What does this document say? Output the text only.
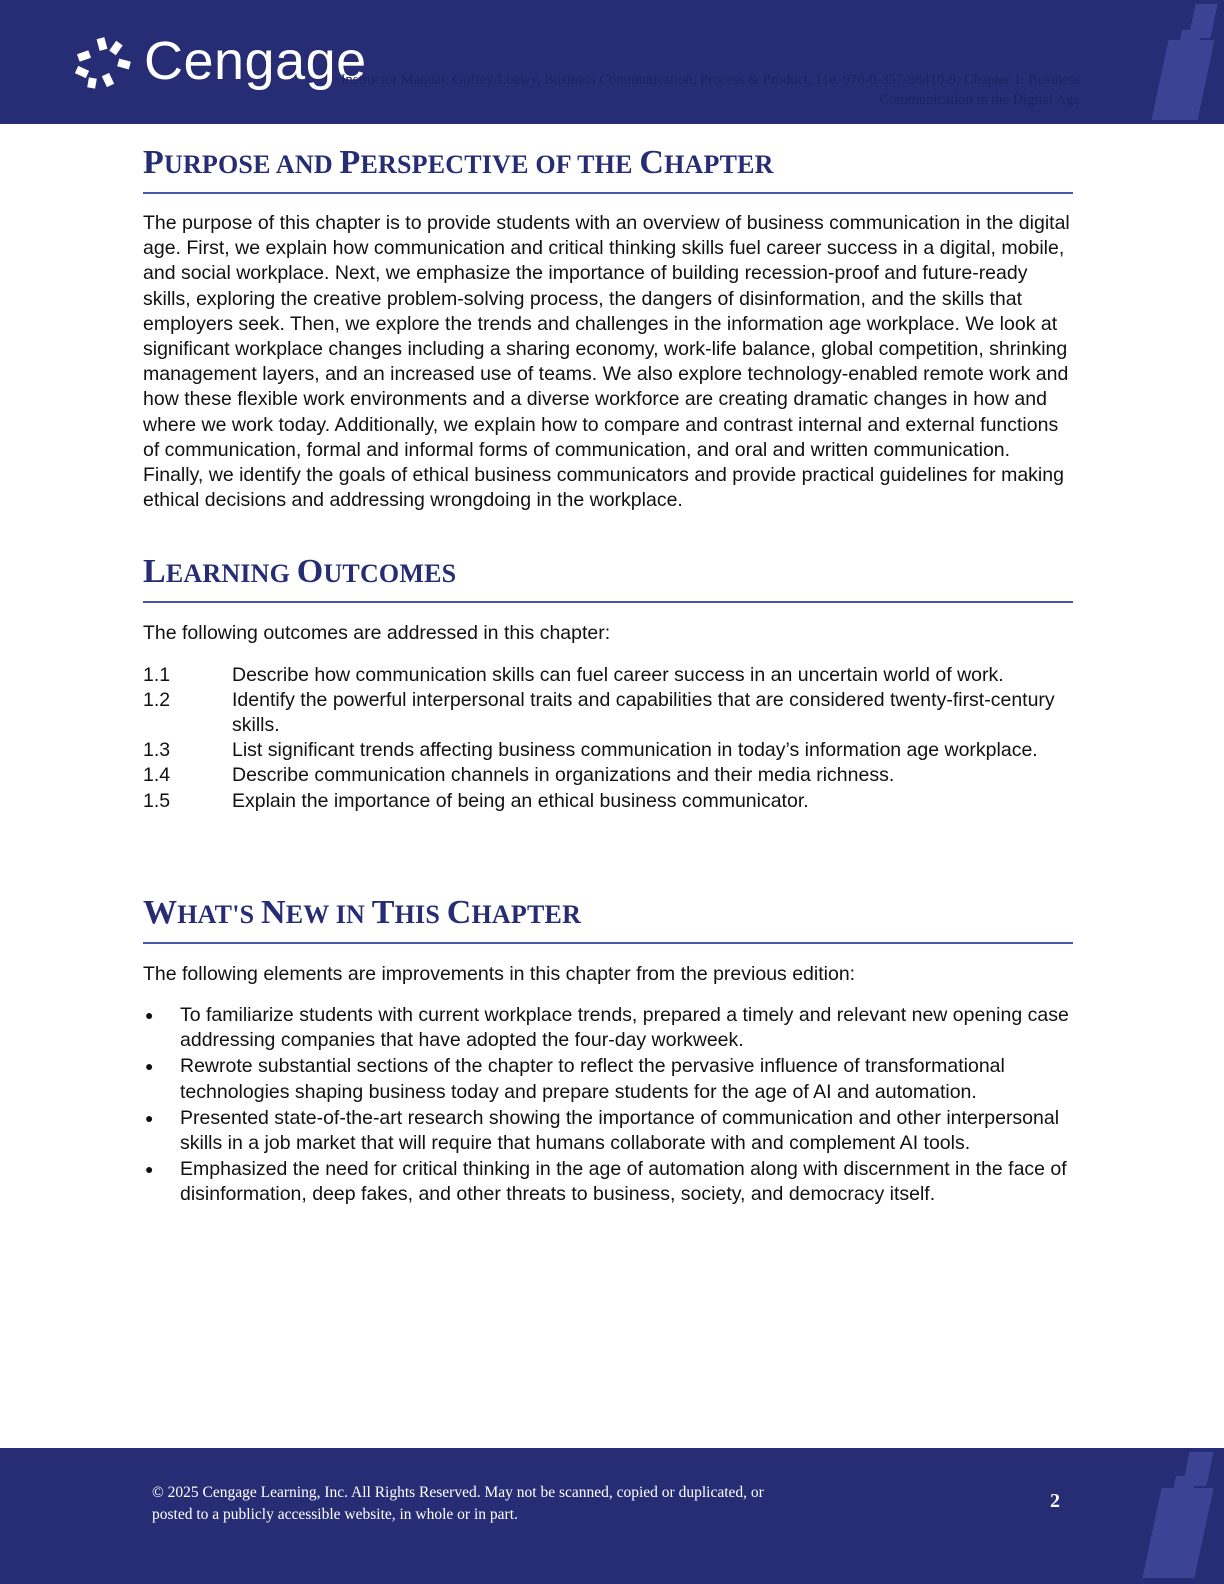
Cengage
Instructor Manual: Guffey/Loewy, Business Communication, Process & Product, 11e, 978-0-357-98410-9; Chapter 1: Business
Communication in the Digital Age
PURPOSE AND PERSPECTIVE OF THE CHAPTER

The purpose of this chapter is to provide students with an overview of business communication in the digital age. First, we explain how communication and critical thinking skills fuel career success in a digital, mobile, and social workplace. Next, we emphasize the importance of building recession-proof and future-ready skills, exploring the creative problem-solving process, the dangers of disinformation, and the skills that employers seek. Then, we explore the trends and challenges in the information age workplace. We look at significant workplace changes including a sharing economy, work-life balance, global competition, shrinking management layers, and an increased use of teams. We also explore technology-enabled remote work and how these flexible work environments and a diverse workforce are creating dramatic changes in how and where we work today. Additionally, we explain how to compare and contrast internal and external functions of communication, formal and informal forms of communication, and oral and written communication. Finally, we identify the goals of ethical business communicators and provide practical guidelines for making ethical decisions and addressing wrongdoing in the workplace.

LEARNING OUTCOMES

The following outcomes are addressed in this chapter:

1.1	Describe how communication skills can fuel career success in an uncertain world of work.
1.2	Identify the powerful interpersonal traits and capabilities that are considered twenty-first-century skills.
1.3	List significant trends affecting business communication in today’s information age workplace.
1.4	Describe communication channels in organizations and their media richness.
1.5	Explain the importance of being an ethical business communicator.
WHAT'S NEW IN THIS CHAPTER

The following elements are improvements in this chapter from the previous edition:

●	To familiarize students with current workplace trends, prepared a timely and relevant new opening case addressing companies that have adopted the four-day workweek.
●	Rewrote substantial sections of the chapter to reflect the pervasive influence of transformational technologies shaping business today and prepare students for the age of AI and automation.
●	Presented state-of-the-art research showing the importance of communication and other interpersonal skills in a job market that will require that humans collaborate with and complement AI tools.
●	Emphasized the need for critical thinking in the age of automation along with discernment in the face of disinformation, deep fakes, and other threats to business, society, and democracy itself.
© 2025 Cengage Learning, Inc. All Rights Reserved. May not be scanned, copied or duplicated, or
posted to a publicly accessible website, in whole or in part.
2
